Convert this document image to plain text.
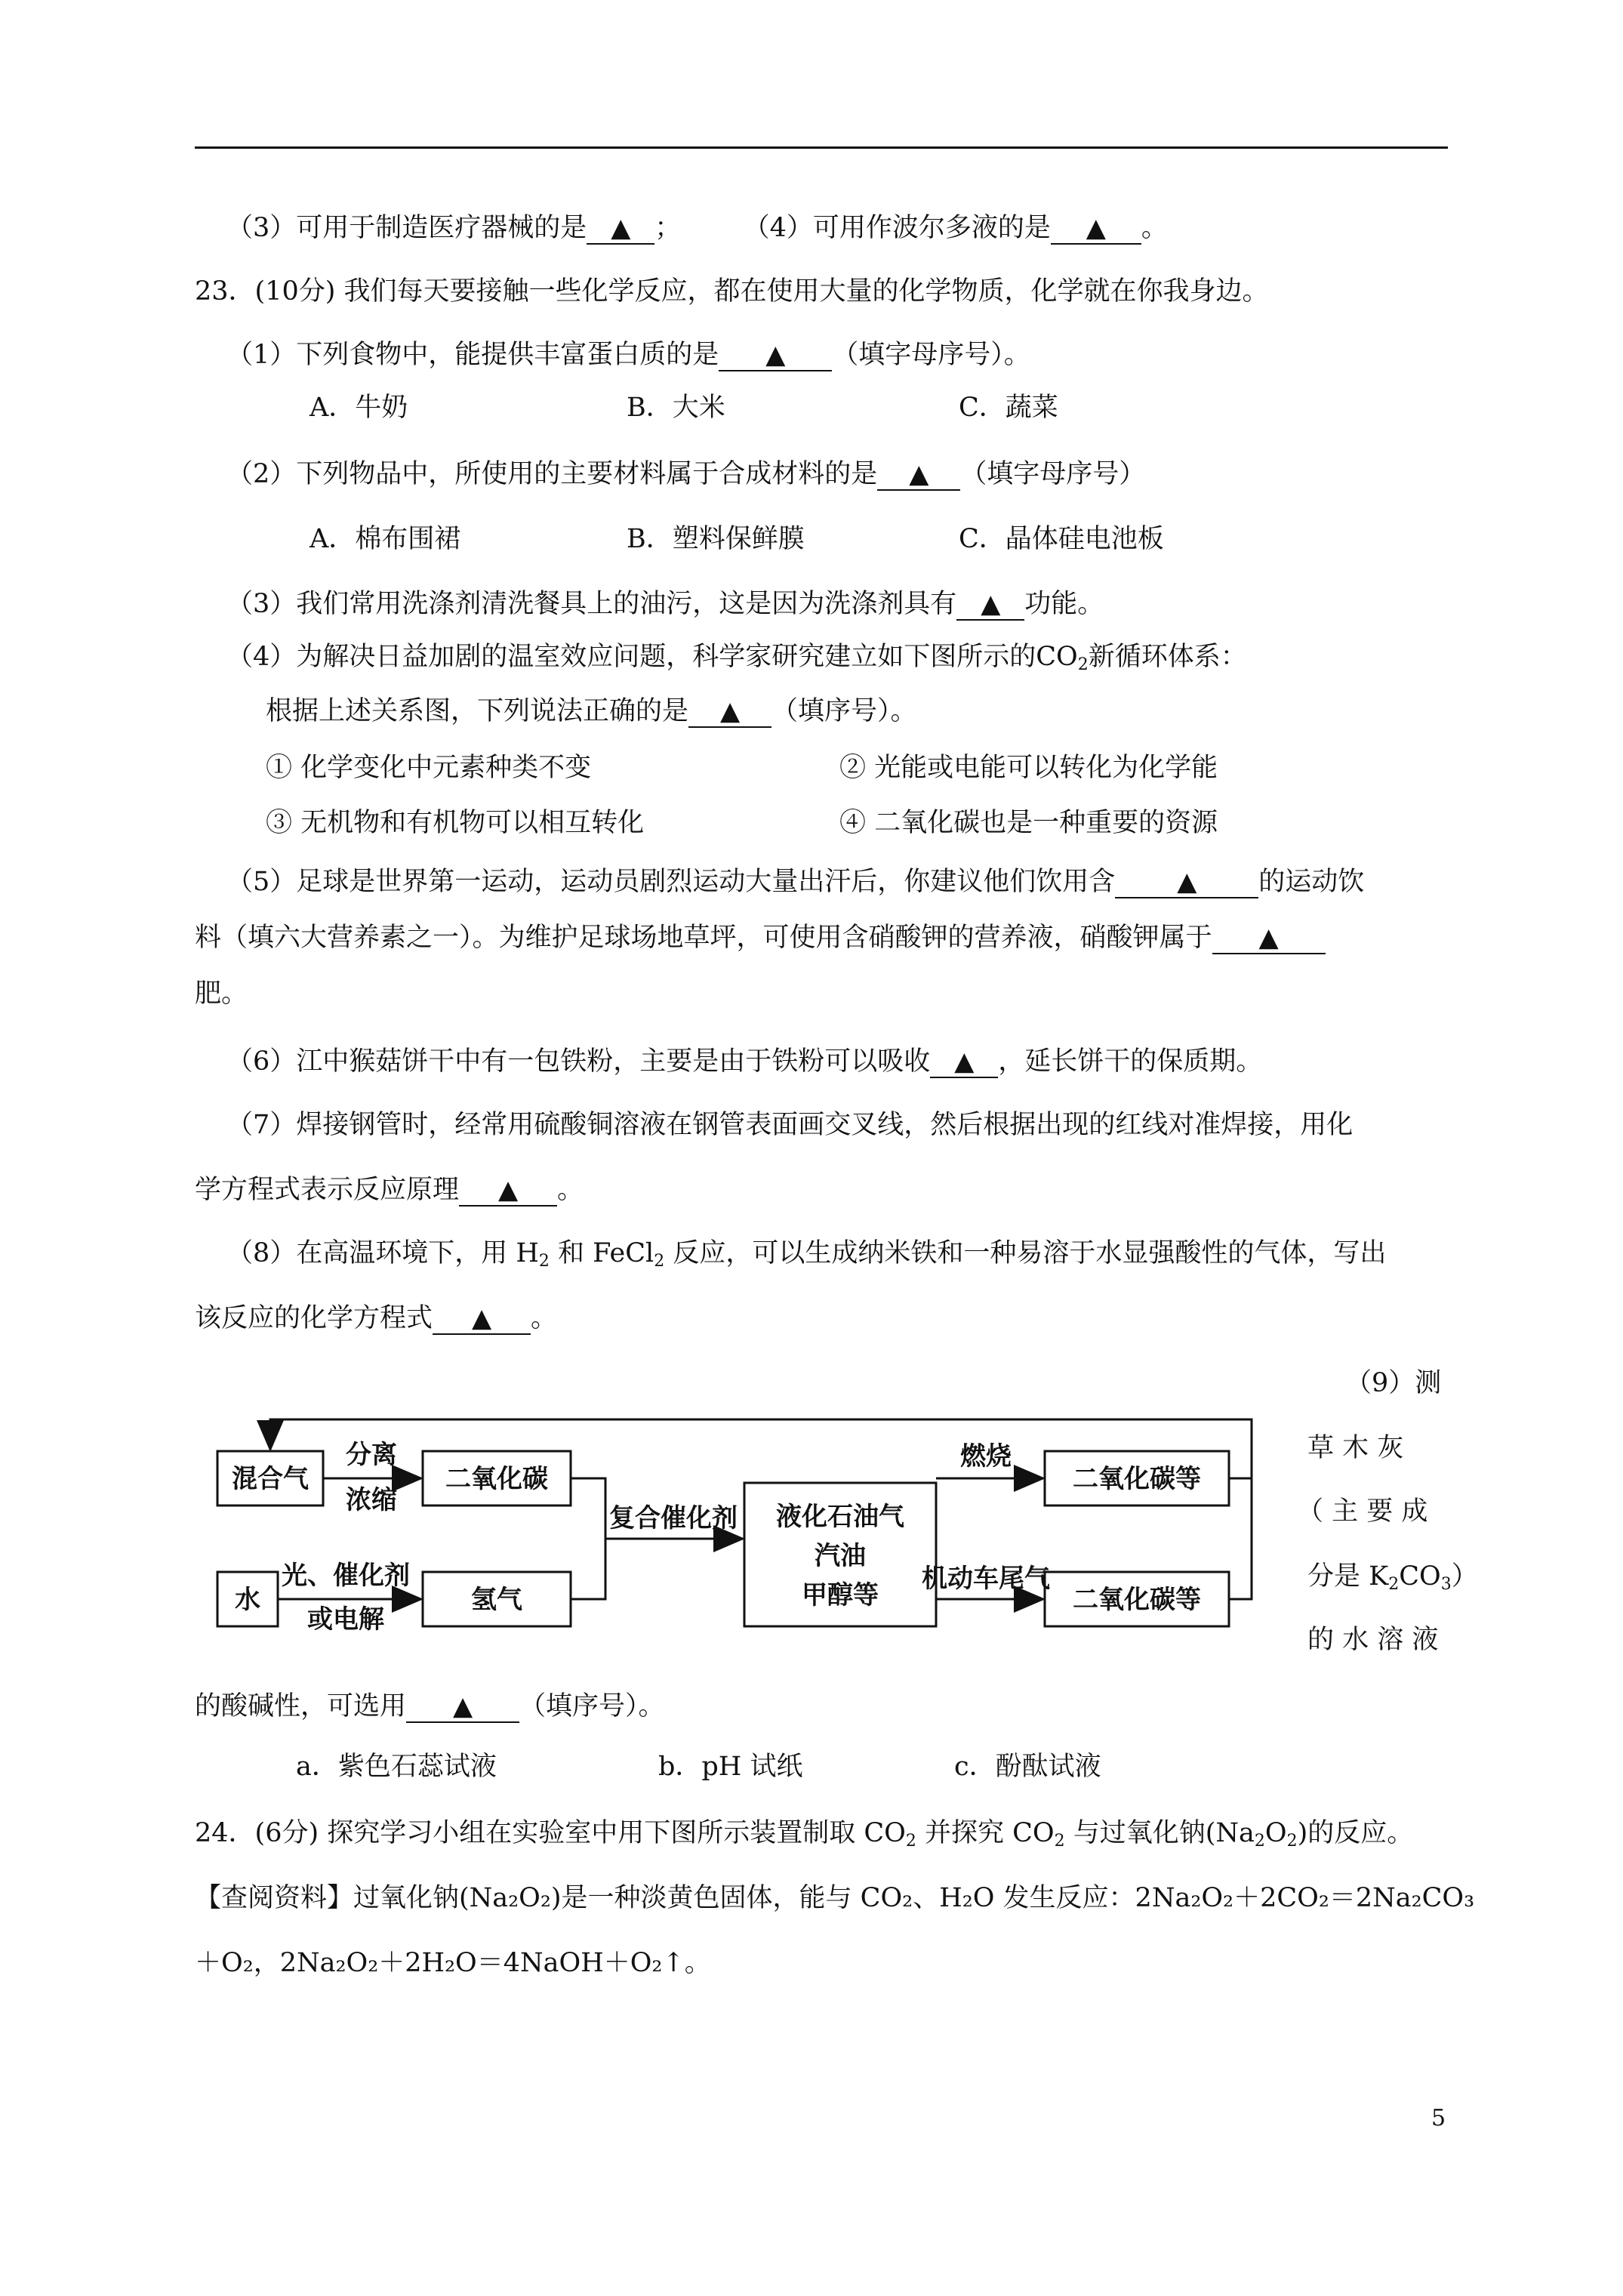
（3）可用于制造医疗器械的是 ▲ ； （4）可用作波尔多液的是 ▲ 。
23．(10分) 我们每天要接触一些化学反应，都在使用大量的化学物质，化学就在你我身边。
（1）下列食物中，能提供丰富蛋白质的是 ▲ （填字母序号）。
A．牛奶	B．大米	C．蔬菜
（2）下列物品中，所使用的主要材料属于合成材料的是 ▲ （填字母序号）
A．棉布围裙	B．塑料保鲜膜	C．晶体硅电池板
（3）我们常用洗涤剂清洗餐具上的油污，这是因为洗涤剂具有 ▲ 功能。
（4）为解决日益加剧的温室效应问题，科学家研究建立如下图所示的$CO_2$新循环体系：
根据上述关系图，下列说法正确的是 ▲ （填序号）。
① 化学变化中元素种类不变	② 光能或电能可以转化为化学能
③ 无机物和有机物可以相互转化	④ 二氧化碳也是一种重要的资源
（5）足球是世界第一运动，运动员剧烈运动大量出汗后，你建议他们饮用含 ▲ 的运动饮
料（填六大营养素之一）。为维护足球场地草坪，可使用含硝酸钾的营养液，硝酸钾属于 ▲
肥。
（6）江中猴菇饼干中有一包铁粉，主要是由于铁粉可以吸收 ▲ ，延长饼干的保质期。
（7）焊接钢管时，经常用硫酸铜溶液在钢管表面画交叉线，然后根据出现的红线对准焊接，用化
学方程式表示反应原理 ▲ 。
（8）在高温环境下，用 $H_2$ 和 FeCl$_2$ 反应，可以生成纳米铁和一种易溶于水显强酸性的气体，写出
该反应的化学方程式 ▲ 。
（9）测
草 木 灰
（ 主 要 成
分是 $K_2CO_3$）
的 水 溶 液
混合气
水
分离
浓缩
光、催化剂
或电解
二氧化碳
氢气
复合催化剂 液化石油气
汽油
甲醇等
燃烧
机动车尾气
二氧化碳等
二氧化碳等
的酸碱性，可选用 ▲ （填序号）。
a．紫色石蕊试液	b．pH 试纸	c．酚酞试液
24．(6分) 探究学习小组在实验室中用下图所示装置制取 $CO_2$ 并探究 $CO_2$ 与过氧化钠$(Na_2O_2)$的反应。
【查阅资料】过氧化钠(Na₂O₂)是一种淡黄色固体，能与 CO₂、H₂O 发生反应：2Na₂O₂＋2CO₂＝2Na₂CO₃
＋O₂，2Na₂O₂＋2H₂O＝4NaOH＋O₂↑。
5
